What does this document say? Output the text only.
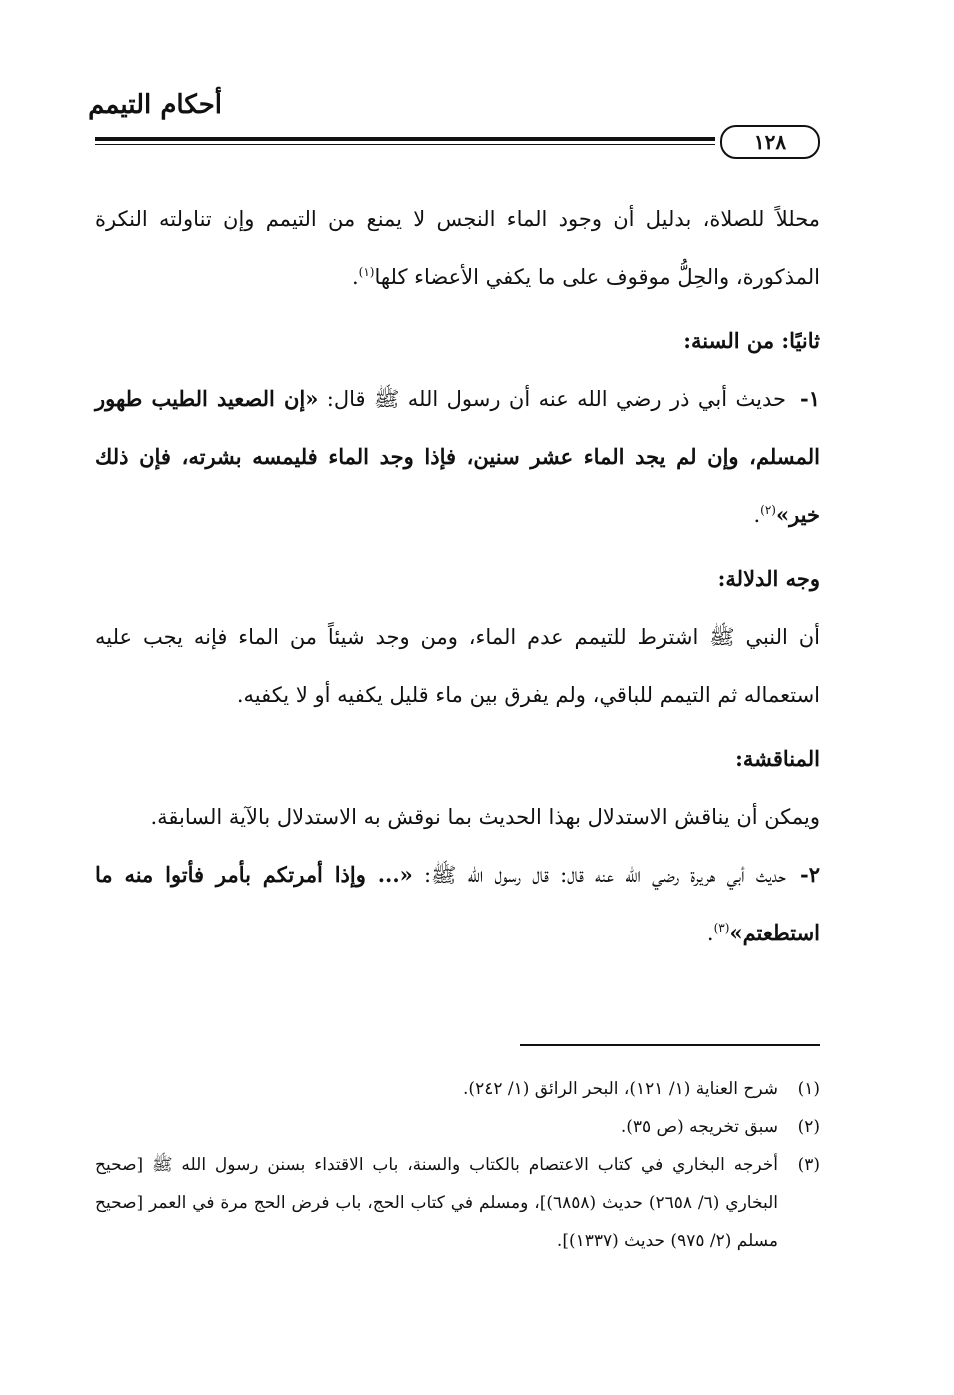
أحكام التيمم
١٢٨

محللاً للصلاة، بدليل أن وجود الماء النجس لا يمنع من التيمم وإن تناولته النكرة المذكورة، والحِلُّ موقوف على ما يكفي الأعضاء كلها$^{(١)}$.

ثانيًا: من السنة:

١-حديث أبي ذر رضي الله عنه أن رسول الله ﷺ قال: «إن الصعيد الطيب طهور المسلم، وإن لم يجد الماء عشر سنين، فإذا وجد الماء فليمسه بشرته، فإن ذلك خير»$^{(٢)}$.

وجه الدلالة:

أن النبي ﷺ اشترط للتيمم عدم الماء، ومن وجد شيئاً من الماء فإنه يجب عليه استعماله ثم التيمم للباقي، ولم يفرق بين ماء قليل يكفيه أو لا يكفيه.

المناقشة:

ويمكن أن يناقش الاستدلال بهذا الحديث بما نوقش به الاستدلال بالآية السابقة.

٢-حديث أبي هريرة رضي الله عنه قال: قال رسول الله ﷺ: «... وإذا أمرتكم بأمر فأتوا منه ما استطعتم»$^{(٣)}$.

(١)
شرح العناية (١/ ١٢١)، البحر الرائق (١/ ٢٤٢).
(٢)
سبق تخريجه (ص ٣٥).
(٣)
أخرجه البخاري في كتاب الاعتصام بالكتاب والسنة، باب الاقتداء بسنن رسول الله ﷺ [صحيح البخاري (٦/ ٢٦٥٨) حديث (٦٨٥٨)]، ومسلم في كتاب الحج، باب فرض الحج مرة في العمر [صحيح مسلم (٢/ ٩٧٥) حديث (١٣٣٧)].
